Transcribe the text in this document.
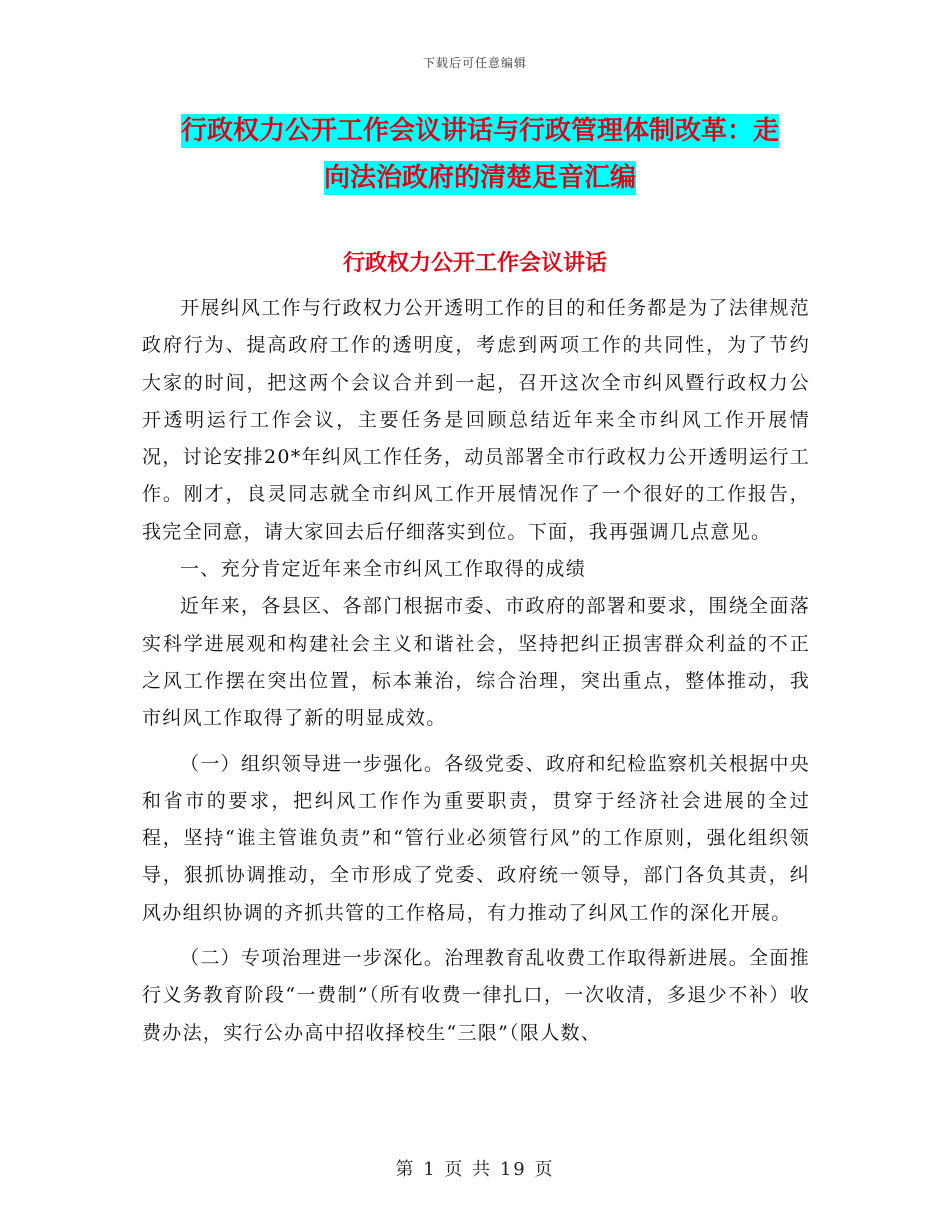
下载后可任意编辑
行政权力公开工作会议讲话与行政管理体制改革：走
向法治政府的清楚足音汇编
行政权力公开工作会议讲话

开展纠风工作与行政权力公开透明工作的目的和任务都是为了法律规范政府行为、提高政府工作的透明度，考虑到两项工作的共同性，为了节约大家的时间，把这两个会议合并到一起，召开这次全市纠风暨行政权力公开透明运行工作会议，主要任务是回顾总结近年来全市纠风工作开展情况，讨论安排20*年纠风工作任务，动员部署全市行政权力公开透明运行工作。刚才，良灵同志就全市纠风工作开展情况作了一个很好的工作报告，我完全同意，请大家回去后仔细落实到位。下面，我再强调几点意见。

一、充分肯定近年来全市纠风工作取得的成绩

近年来，各县区、各部门根据市委、市政府的部署和要求，围绕全面落实科学进展观和构建社会主义和谐社会，坚持把纠正损害群众利益的不正之风工作摆在突出位置，标本兼治，综合治理，突出重点，整体推动，我市纠风工作取得了新的明显成效。

（一）组织领导进一步强化。各级党委、政府和纪检监察机关根据中央和省市的要求，把纠风工作作为重要职责，贯穿于经济社会进展的全过程，坚持“谁主管谁负责”和“管行业必须管行风”的工作原则，强化组织领导，狠抓协调推动，全市形成了党委、政府统一领导，部门各负其责，纠风办组织协调的齐抓共管的工作格局，有力推动了纠风工作的深化开展。

（二）专项治理进一步深化。治理教育乱收费工作取得新进展。全面推行义务教育阶段“一费制”（所有收费一律扎口，一次收清，多退少不补）收费办法，实行公办高中招收择校生“三限”（限人数、

第 1 页 共 19 页
